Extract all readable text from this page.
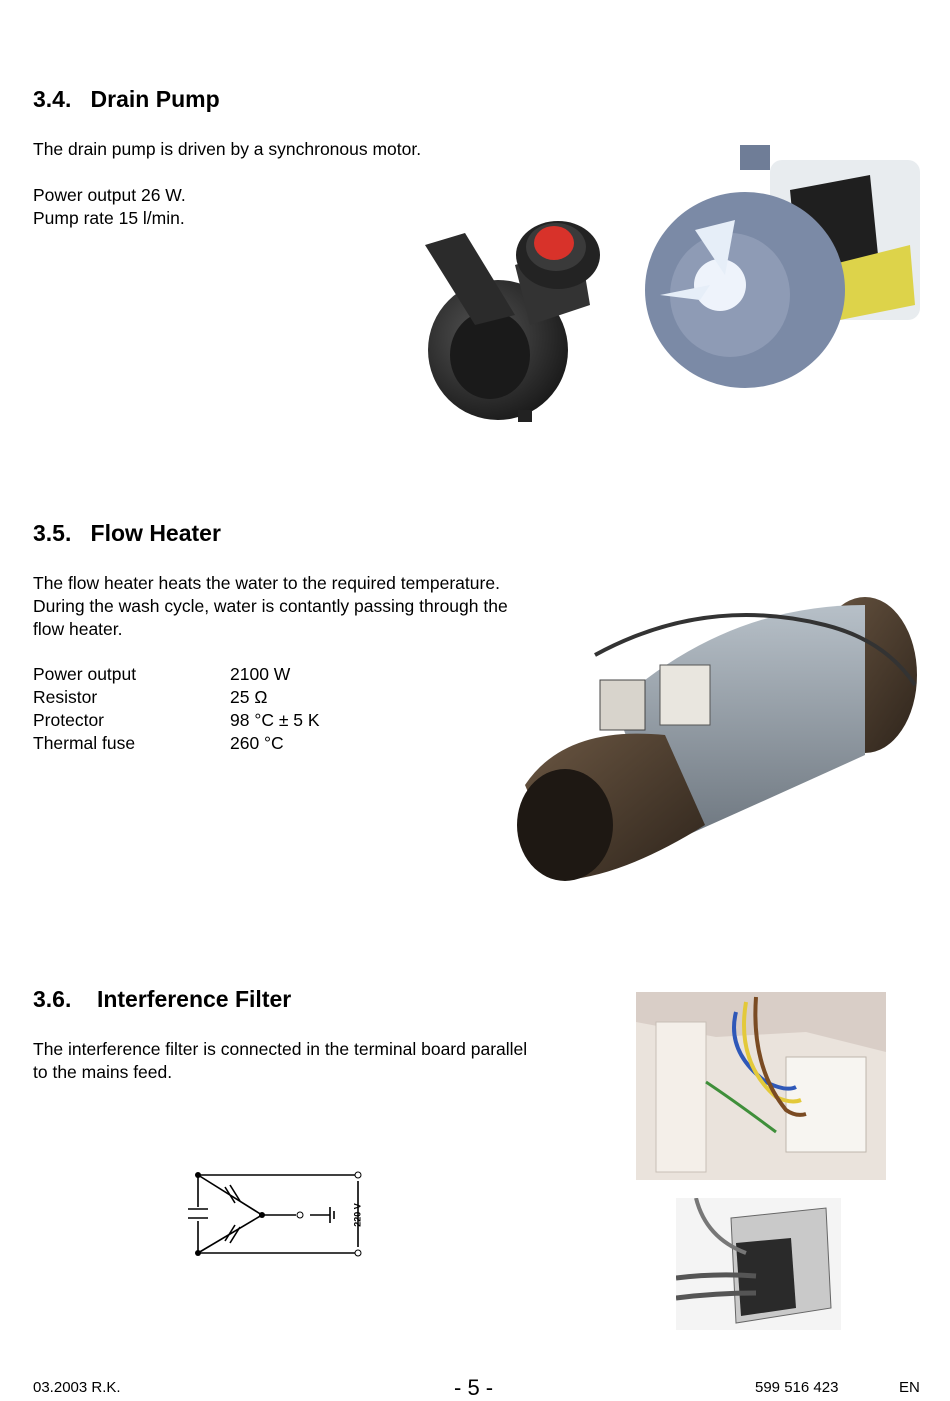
3.4. Drain Pump
The drain pump is driven by a synchronous motor.
Power output 26 W.
Pump rate 15 l/min.
3.5. Flow Heater
The flow heater heats the water to the required temperature.
During the wash cycle, water is contantly passing through the
flow heater.
Power output	2100 W
Resistor	25 Ω
Protector	98 °C ± 5 K
Thermal fuse	260 °C
3.6. Interference Filter
The interference filter is connected in the terminal board parallel
to the mains feed.
220 V
03.2003 R.K.	- 5 -	599 516 423	EN
